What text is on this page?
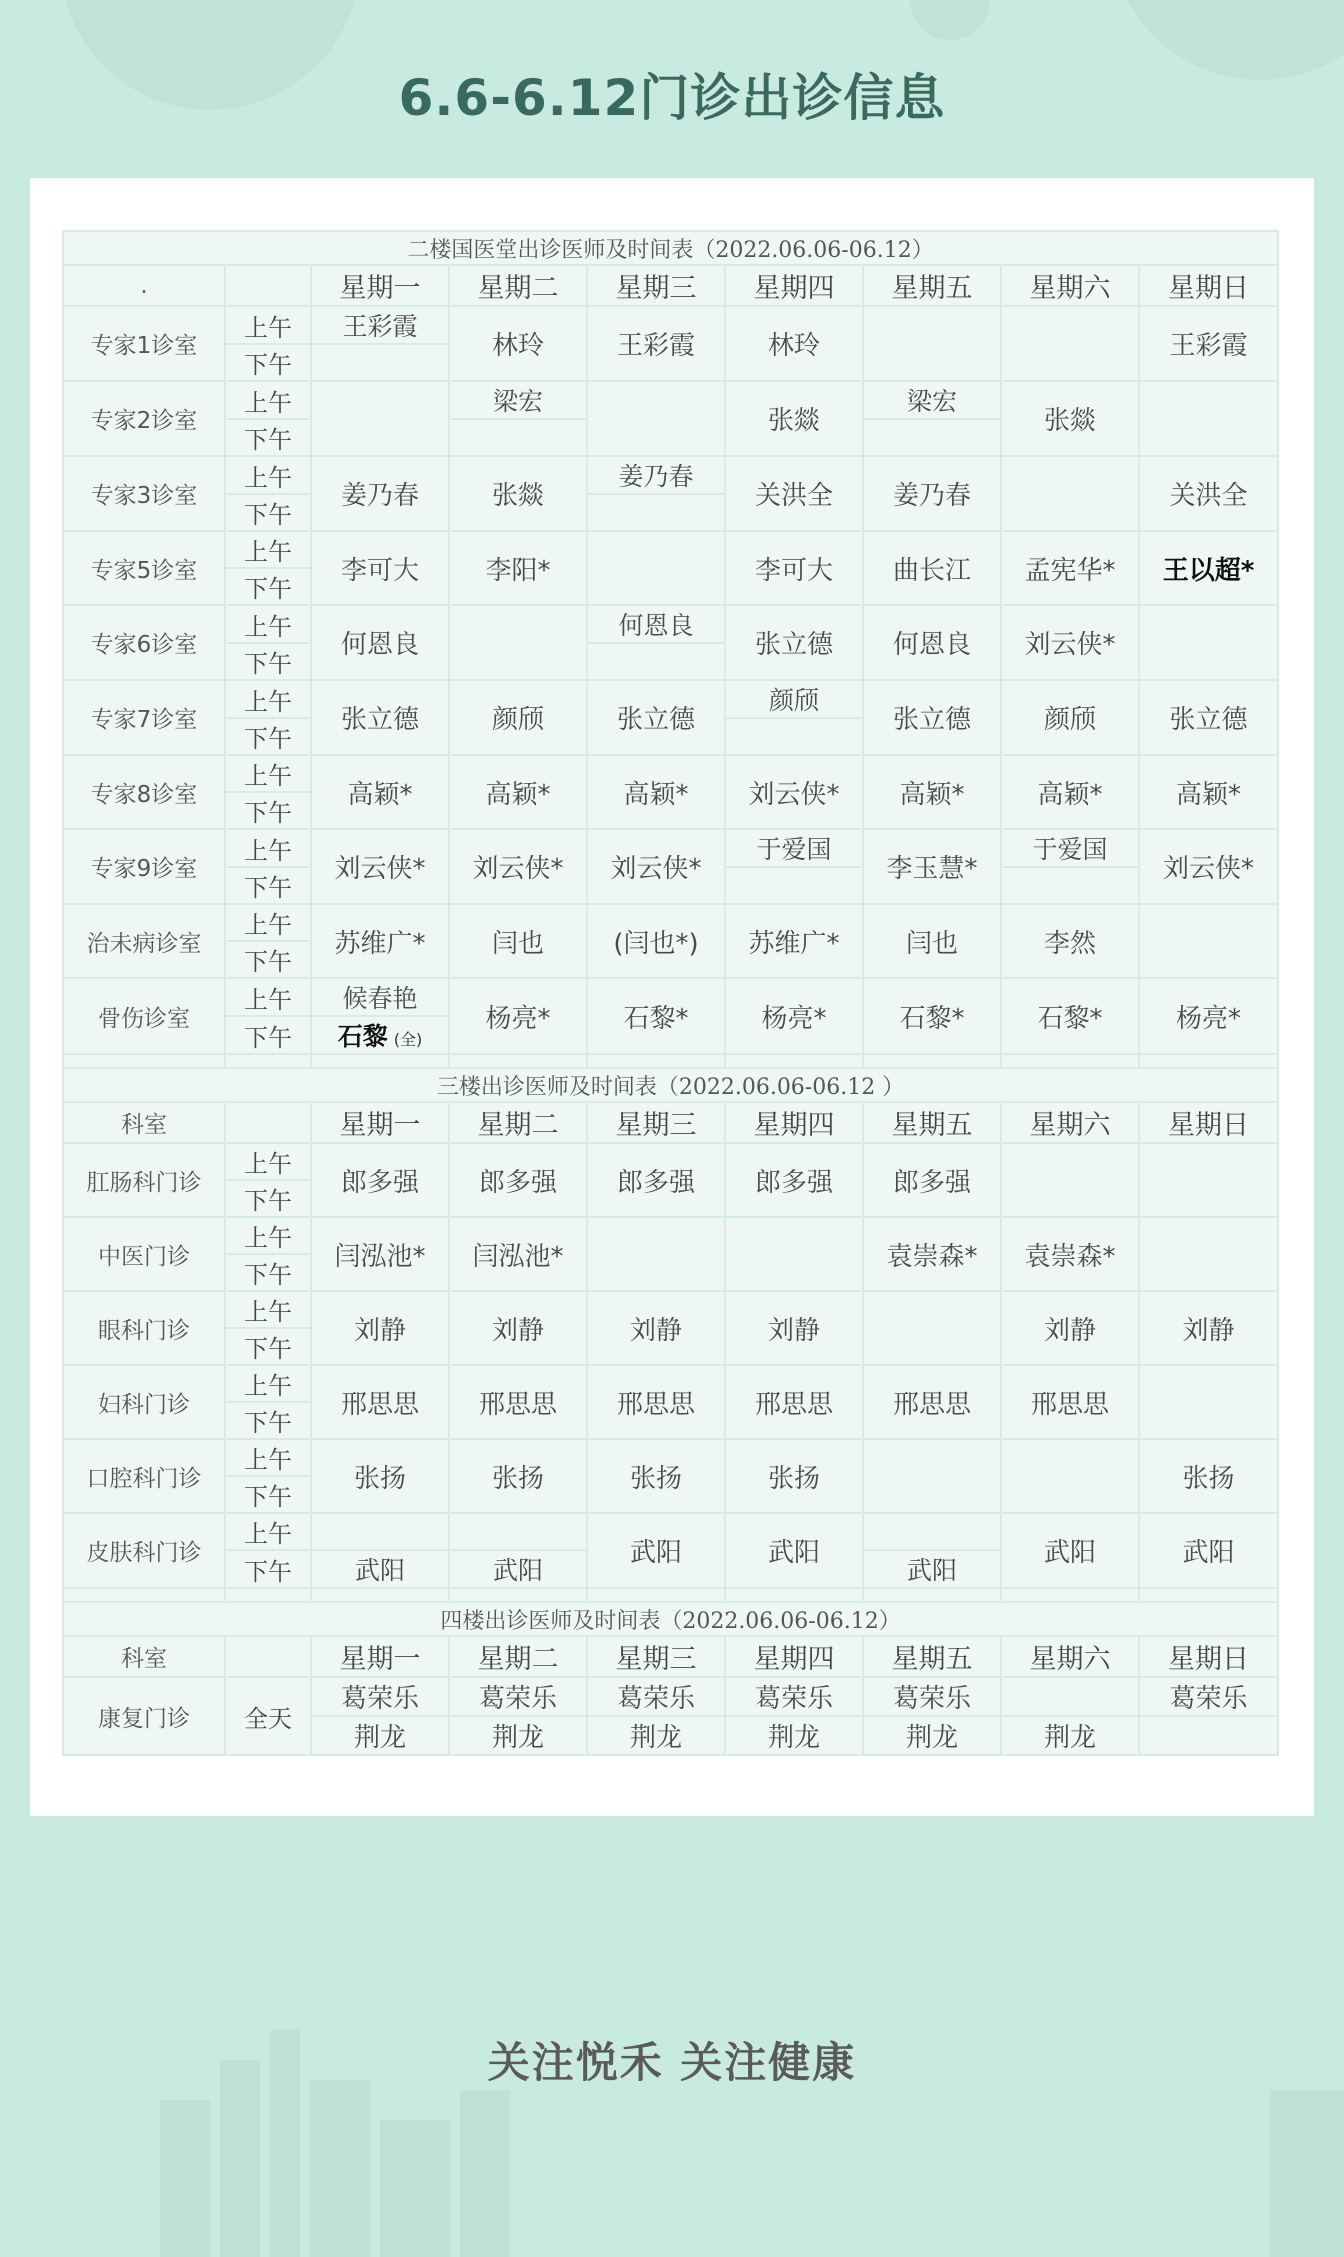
6.6-6.12门诊出诊信息
二楼国医堂出诊医师及时间表（2022.06.06-06.12）								
.		星期一	星期二	星期三	星期四	星期五	星期六	星期日
专家1诊室	上午	王彩霞	林玲	王彩霞	林玲			王彩霞
	下午							
专家2诊室	上午		梁宏		张燚	梁宏	张燚	
	下午							
专家3诊室	上午	姜乃春	张燚	姜乃春	关洪全	姜乃春		关洪全
	下午							
专家5诊室	上午	李可大	李阳*		李可大	曲长江	孟宪华*	王以超*
	下午							
专家6诊室	上午	何恩良		何恩良	张立德	何恩良	刘云侠*	
	下午							
专家7诊室	上午	张立德	颜颀	张立德	颜颀	张立德	颜颀	张立德
	下午							
专家8诊室	上午	高颖*	高颖*	高颖*	刘云侠*	高颖*	高颖*	高颖*
	下午							
专家9诊室	上午	刘云侠*	刘云侠*	刘云侠*	于爱国	李玉慧*	于爱国	刘云侠*
	下午							
治未病诊室	上午	苏维广*	闫也	(闫也*)	苏维广*	闫也	李然	
	下午							
骨伤诊室	上午	候春艳	杨亮*	石黎*	杨亮*	石黎*	石黎*	杨亮*
	下午	石黎 (全)						

三楼出诊医师及时间表（2022.06.06-06.12 ）								
科室		星期一	星期二	星期三	星期四	星期五	星期六	星期日
肛肠科门诊	上午	郎多强	郎多强	郎多强	郎多强	郎多强		
	下午							
中医门诊	上午	闫泓池*	闫泓池*			袁崇森*	袁崇森*	
	下午							
眼科门诊	上午	刘静	刘静	刘静	刘静		刘静	刘静
	下午							
妇科门诊	上午	邢思思	邢思思	邢思思	邢思思	邢思思	邢思思	
	下午							
口腔科门诊	上午	张扬	张扬	张扬	张扬			张扬
	下午							
皮肤科门诊	上午			武阳	武阳		武阳	武阳
	下午	武阳	武阳			武阳		

四楼出诊医师及时间表（2022.06.06-06.12）								
科室		星期一	星期二	星期三	星期四	星期五	星期六	星期日
康复门诊	全天	葛荣乐	葛荣乐	葛荣乐	葛荣乐	葛荣乐		葛荣乐
		荆龙	荆龙	荆龙	荆龙	荆龙	荆龙	
关注悦禾 关注健康
